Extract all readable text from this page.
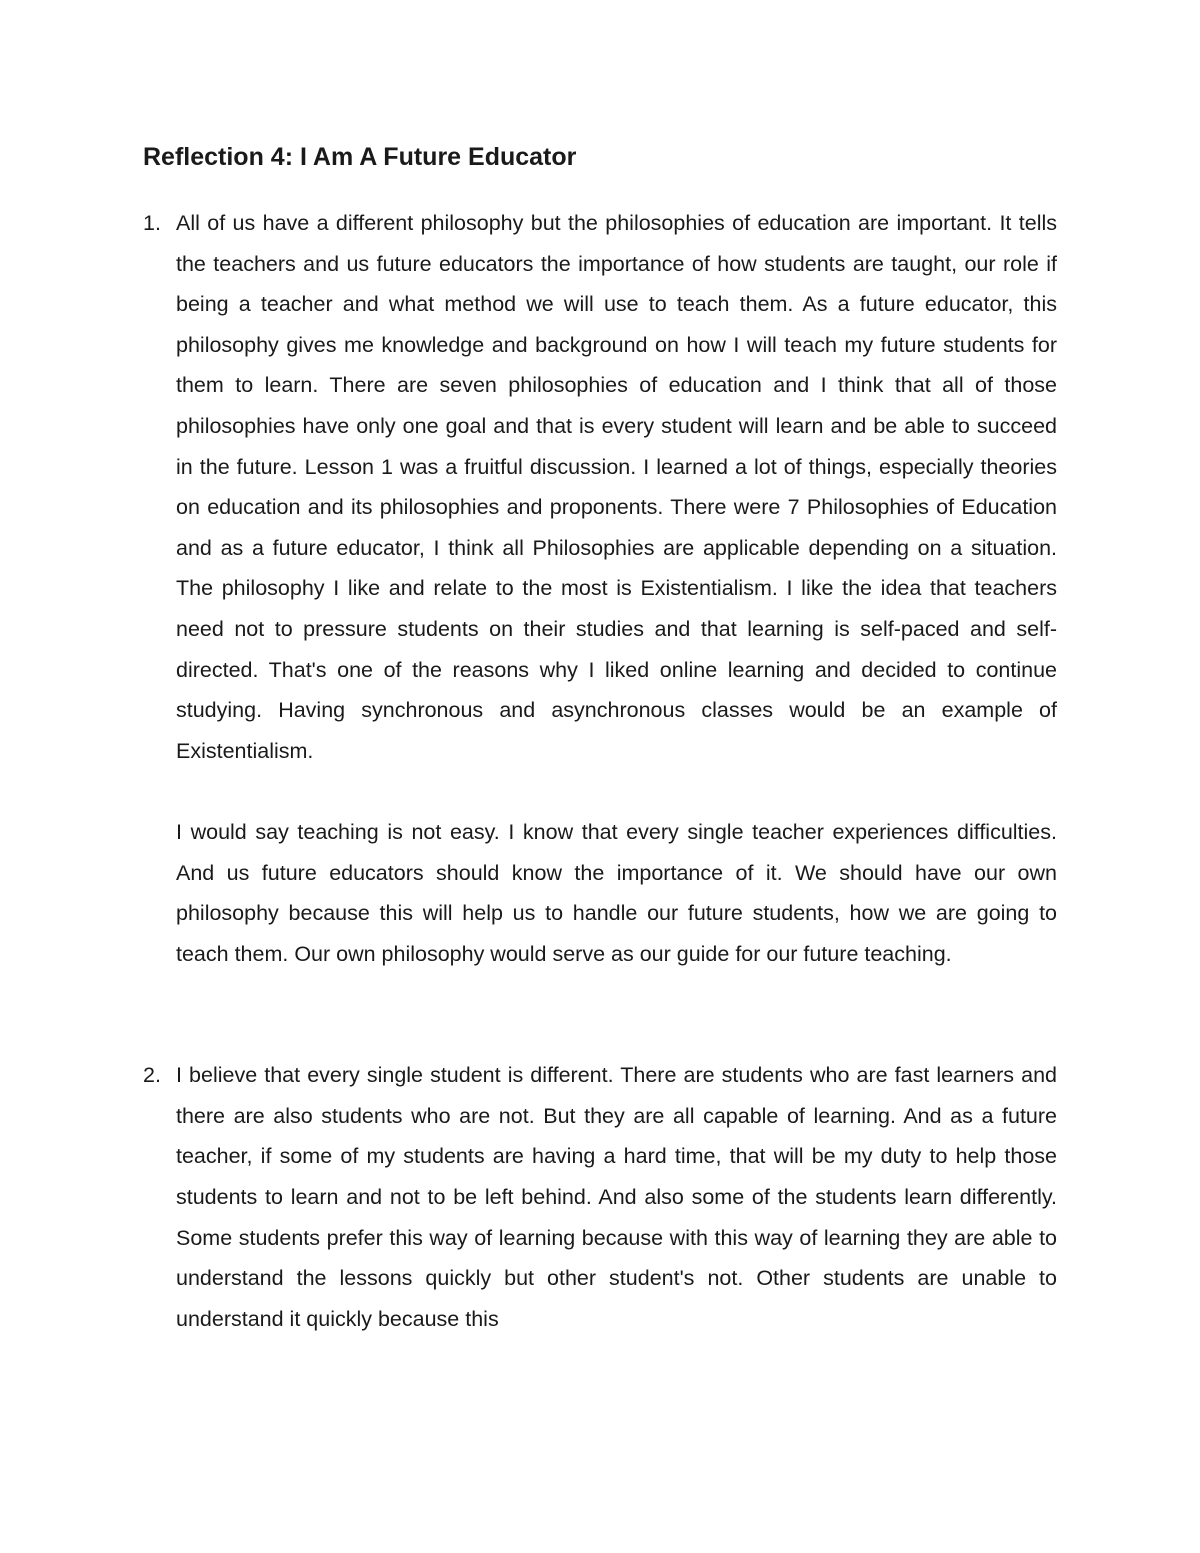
Reflection 4: I Am A Future Educator
1. All of us have a different philosophy but the philosophies of education are important. It tells the teachers and us future educators the importance of how students are taught, our role if being a teacher and what method we will use to teach them. As a future educator, this philosophy gives me knowledge and background on how I will teach my future students for them to learn. There are seven philosophies of education and I think that all of those philosophies have only one goal and that is every student will learn and be able to succeed in the future. Lesson 1 was a fruitful discussion. I learned a lot of things, especially theories on education and its philosophies and proponents. There were 7 Philosophies of Education and as a future educator, I think all Philosophies are applicable depending on a situation. The philosophy I like and relate to the most is Existentialism. I like the idea that teachers need not to pressure students on their studies and that learning is self-paced and self-directed. That's one of the reasons why I liked online learning and decided to continue studying. Having synchronous and asynchronous classes would be an example of Existentialism.

I would say teaching is not easy. I know that every single teacher experiences difficulties. And us future educators should know the importance of it. We should have our own philosophy because this will help us to handle our future students, how we are going to teach them. Our own philosophy would serve as our guide for our future teaching.

2. I believe that every single student is different. There are students who are fast learners and there are also students who are not. But they are all capable of learning. And as a future teacher, if some of my students are having a hard time, that will be my duty to help those students to learn and not to be left behind. And also some of the students learn differently. Some students prefer this way of learning because with this way of learning they are able to understand the lessons quickly but other student's not. Other students are unable to understand it quickly because this
